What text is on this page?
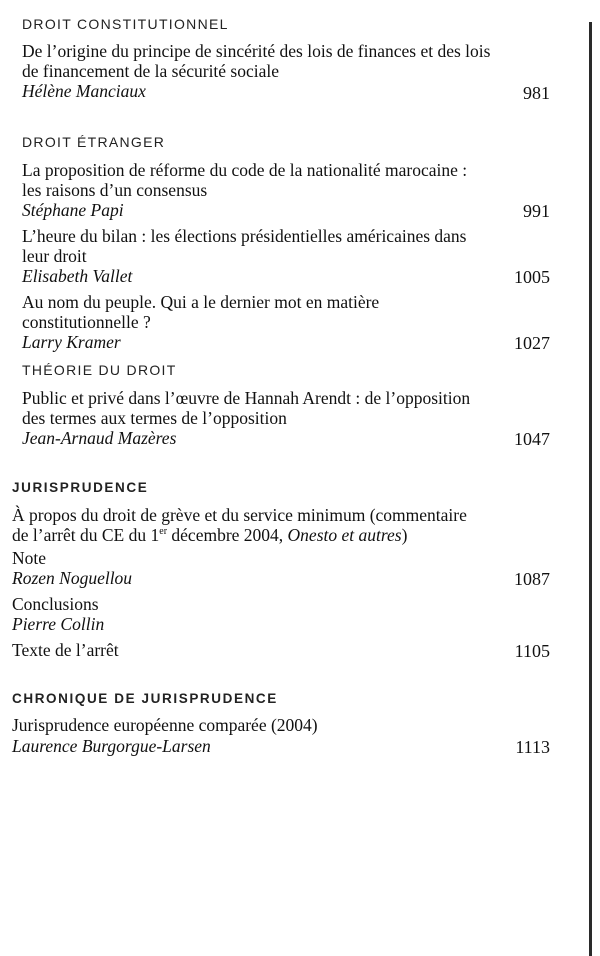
DROIT CONSTITUTIONNEL
De l’origine du principe de sincérité des lois de finances et des lois
de financement de la sécurité sociale
Hélène Manciaux	981
DROIT ÉTRANGER
La proposition de réforme du code de la nationalité marocaine :
les raisons d’un consensus
Stéphane Papi	991
L’heure du bilan : les élections présidentielles américaines dans
leur droit
Elisabeth Vallet	1005
Au nom du peuple. Qui a le dernier mot en matière
constitutionnelle ?
Larry Kramer	1027
THÉORIE DU DROIT
Public et privé dans l’œuvre de Hannah Arendt : de l’opposition
des termes aux termes de l’opposition
Jean-Arnaud Mazères	1047
JURISPRUDENCE
À propos du droit de grève et du service minimum (commentaire
de l’arrêt du CE du 1er décembre 2004, Onesto et autres)
Note
Rozen Noguellou	1087
Conclusions
Pierre Collin
Texte de l’arrêt	1105
CHRONIQUE DE JURISPRUDENCE
Jurisprudence européenne comparée (2004)
Laurence Burgorgue-Larsen	1113
